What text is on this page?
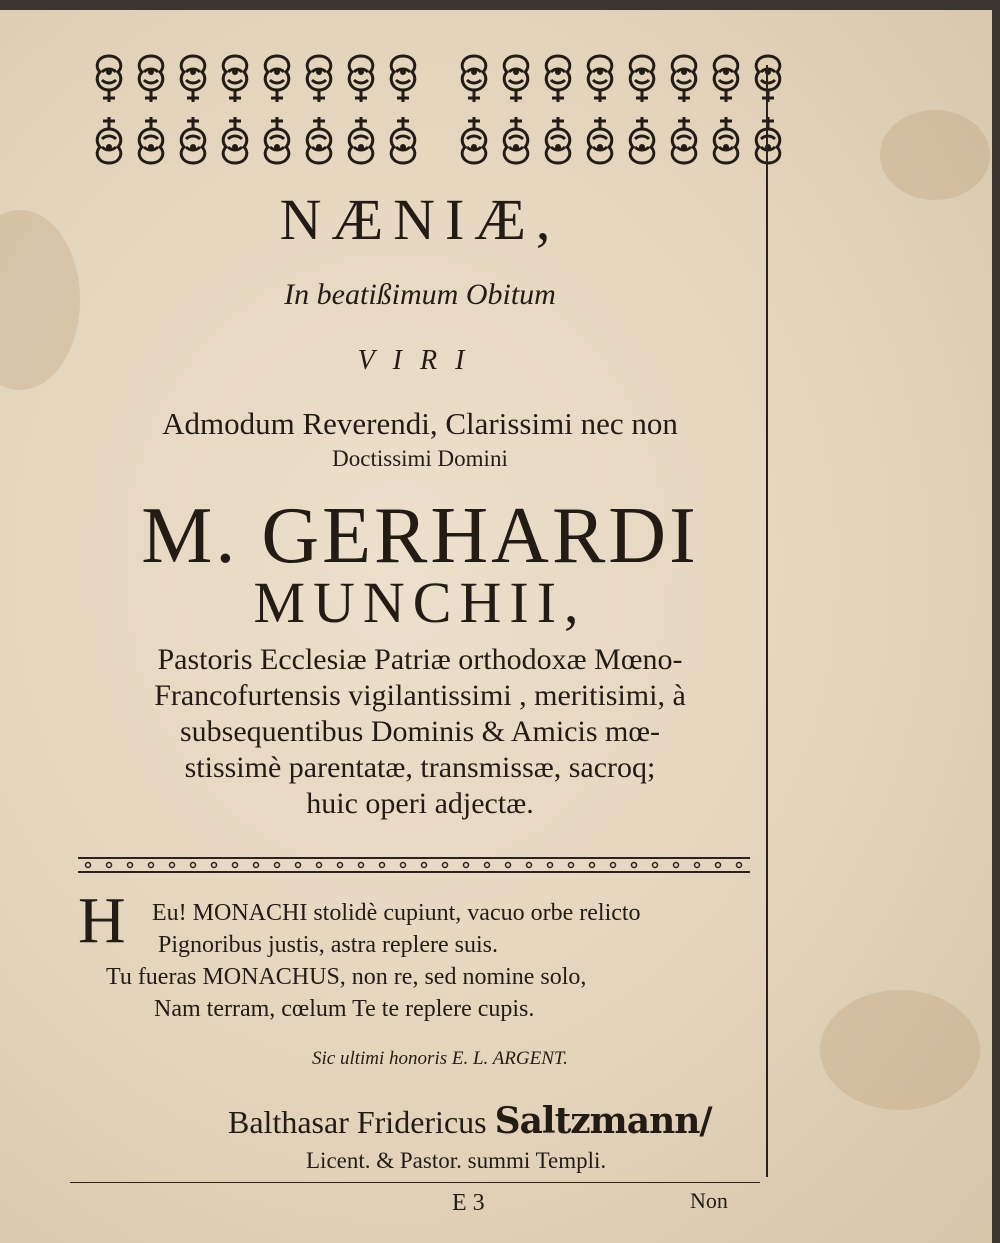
NÆNIÆ,
In beatißimum Obitum
VIRI
Admodum Reverendi, Clarissimi nec non
Doctissimi Domini
M. GERHARDI
MUNCHII,
Pastoris Ecclesiæ Patriæ orthodoxæ Mœno-
Francofurtensis vigilantissimi , meritisimi, à
subsequentibus Dominis & Amicis mœ-
stissimè parentatæ, transmissæ, sacroq;
huic operi adjectæ.
H Eu! MONACHI stolidè cupiunt, vacuo orbe relicto
Pignoribus justis, astra replere suis.
Tu fueras MONACHUS, non re, sed nomine solo,
Nam terram, cœlum Te te replere cupis.
Sic ultimi honoris E. L. ARGENT.
Balthasar Fridericus Saltzmann/
Licent. & Pastor. summi Templi.
E 3	Non
